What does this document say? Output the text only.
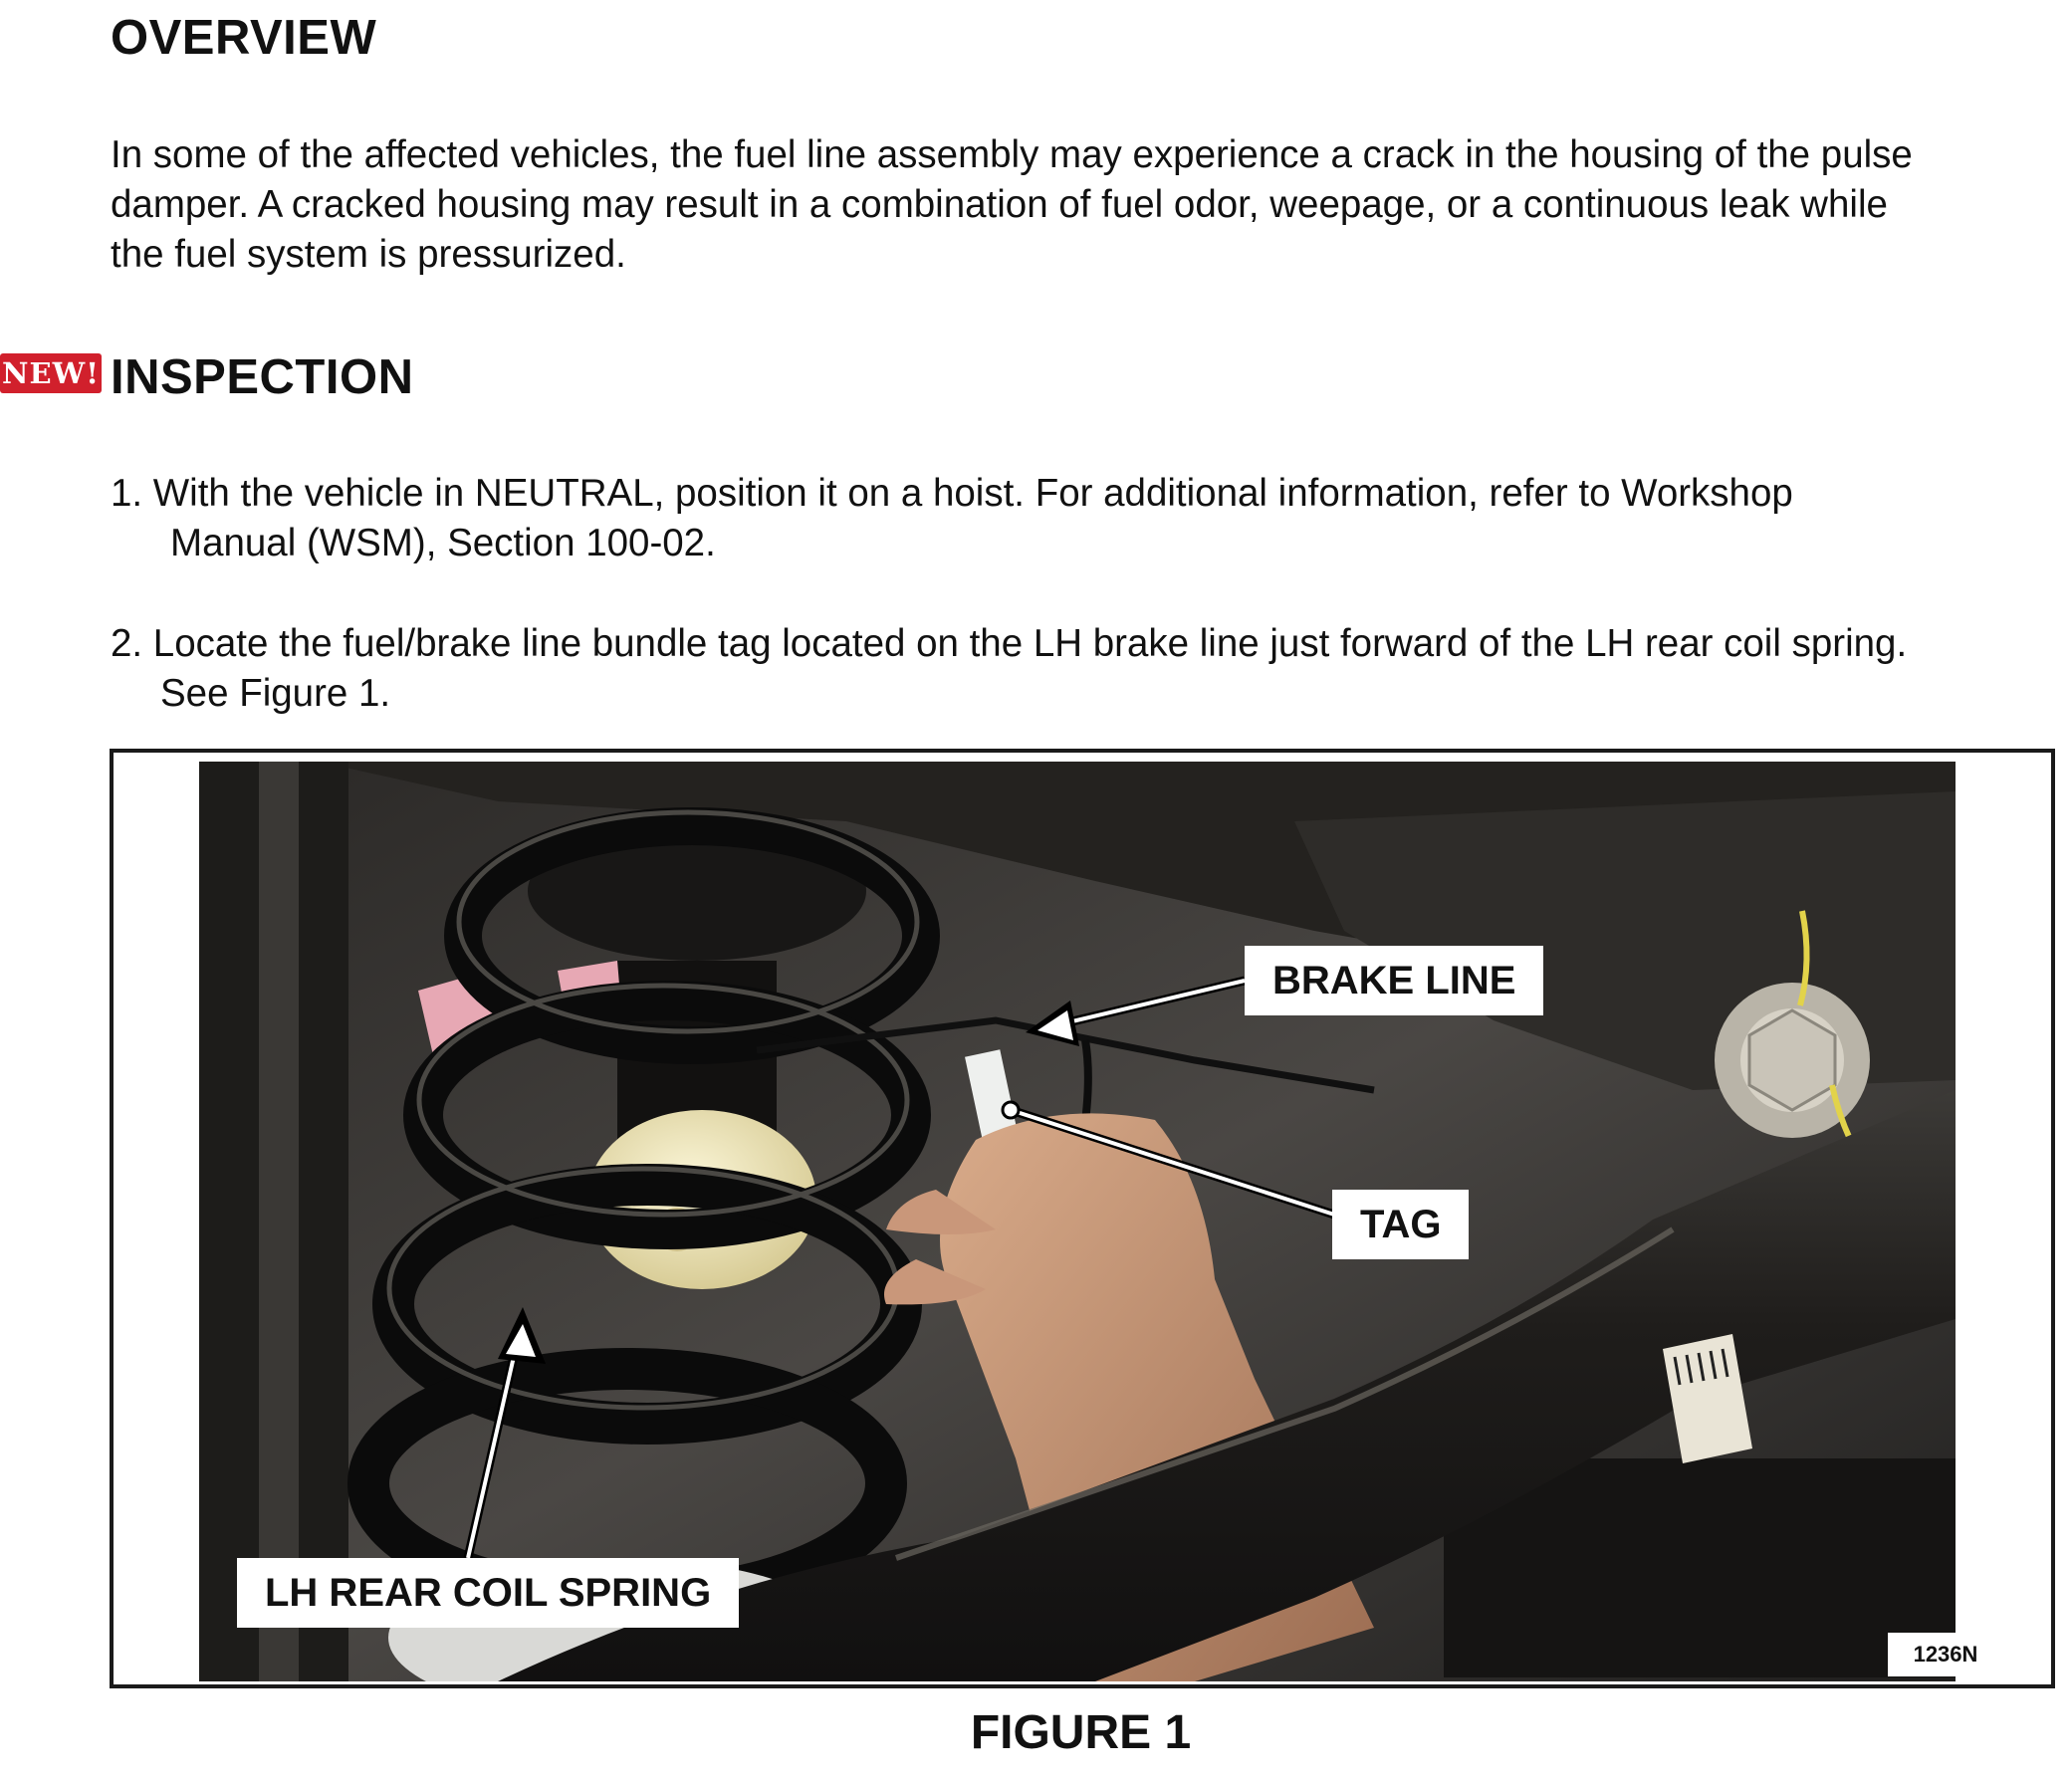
OVERVIEW

In some of the affected vehicles, the fuel line assembly may experience a crack in the housing of the pulse
damper. A cracked housing may result in a combination of fuel odor, weepage, or a continuous leak while
the fuel system is pressurized.

NEW! INSPECTION

1. With the vehicle in NEUTRAL, position it on a hoist. For additional information, refer to Workshop
Manual (WSM), Section 100-02.

2. Locate the fuel/brake line bundle tag located on the LH brake line just forward of the LH rear coil spring.
See Figure 1.

BRAKE LINE
TAG
LH REAR COIL SPRING
1236N
FIGURE 1
